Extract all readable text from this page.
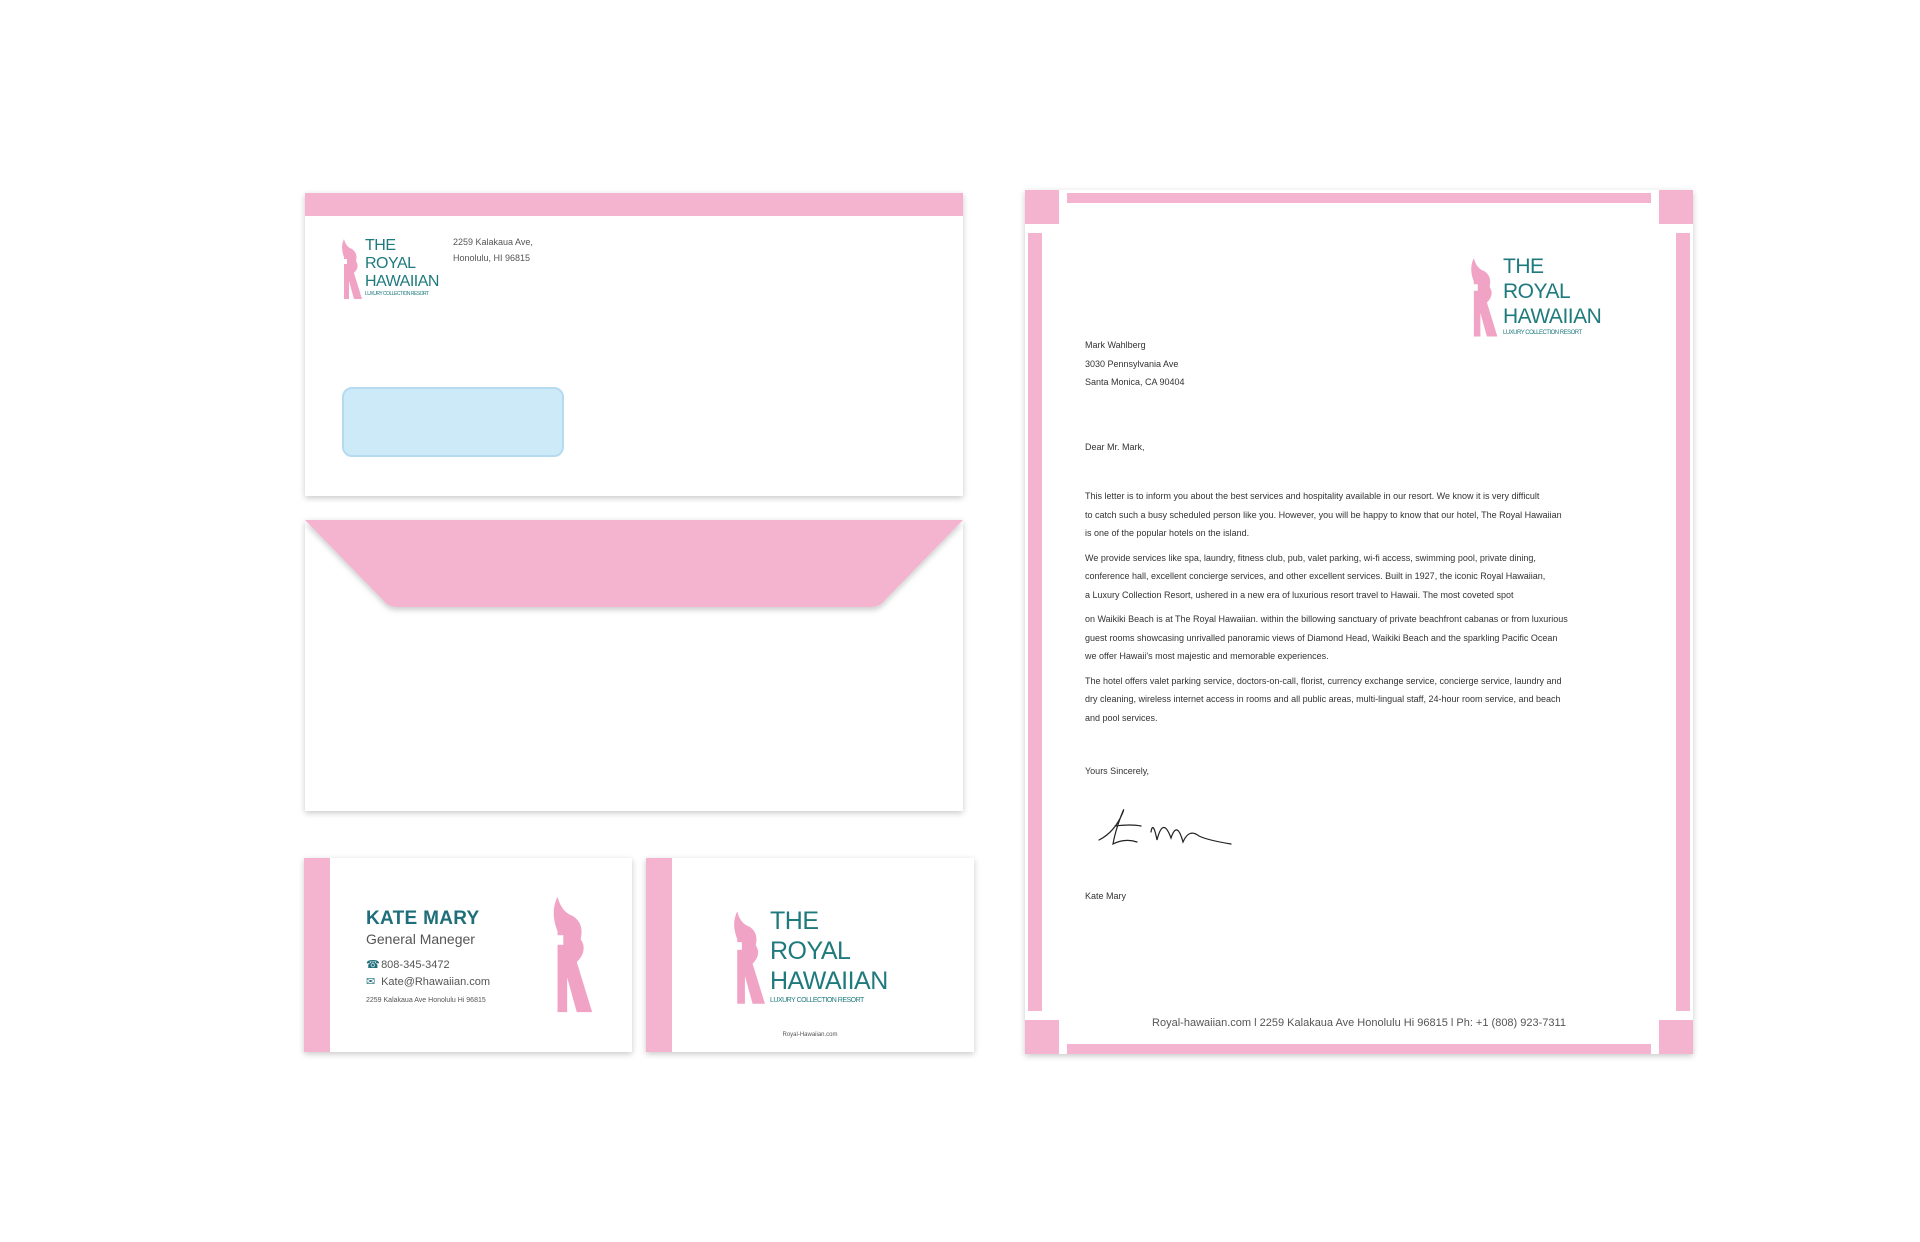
THE
ROYAL
HAWAIIAN
LUXURY COLLECTION RESORT
2259 Kalakaua Ave,
Honolulu, HI 96815
KATE MARY
General Maneger
☎ 808-345-3472
✉ Kate@Rhawaiian.com
2259 Kalakaua Ave Honolulu Hi 96815
THE
ROYAL
HAWAIIAN
LUXURY COLLECTION RESORT
Royal-Hawaiian.com
THE
ROYAL
HAWAIIAN
LUXURY COLLECTION RESORT
Mark Wahlberg
3030 Pennsylvania Ave
Santa Monica, CA 90404
Dear Mr. Mark,
This letter is to inform you about the best services and hospitality available in our resort. We know it is very difficult
to catch such a busy scheduled person like you. However, you will be happy to know that our hotel, The Royal Hawaiian
is one of the popular hotels on the island.
We provide services like spa, laundry, fitness club, pub, valet parking, wi-fi access, swimming pool, private dining,
conference hall, excellent concierge services, and other excellent services. Built in 1927, the iconic Royal Hawaiian,
a Luxury Collection Resort, ushered in a new era of luxurious resort travel to Hawaii. The most coveted spot
on Waikiki Beach is at The Royal Hawaiian. within the billowing sanctuary of private beachfront cabanas or from luxurious
guest rooms showcasing unrivalled panoramic views of Diamond Head, Waikiki Beach and the sparkling Pacific Ocean
we offer Hawaii's most majestic and memorable experiences.
The hotel offers valet parking service, doctors-on-call, florist, currency exchange service, concierge service, laundry and
dry cleaning, wireless internet access in rooms and all public areas, multi-lingual staff, 24-hour room service, and beach
and pool services.
Yours Sincerely,
Kate Mary
Royal-hawaiian.com l 2259 Kalakaua Ave Honolulu Hi 96815 l Ph: +1 (808) 923-7311
